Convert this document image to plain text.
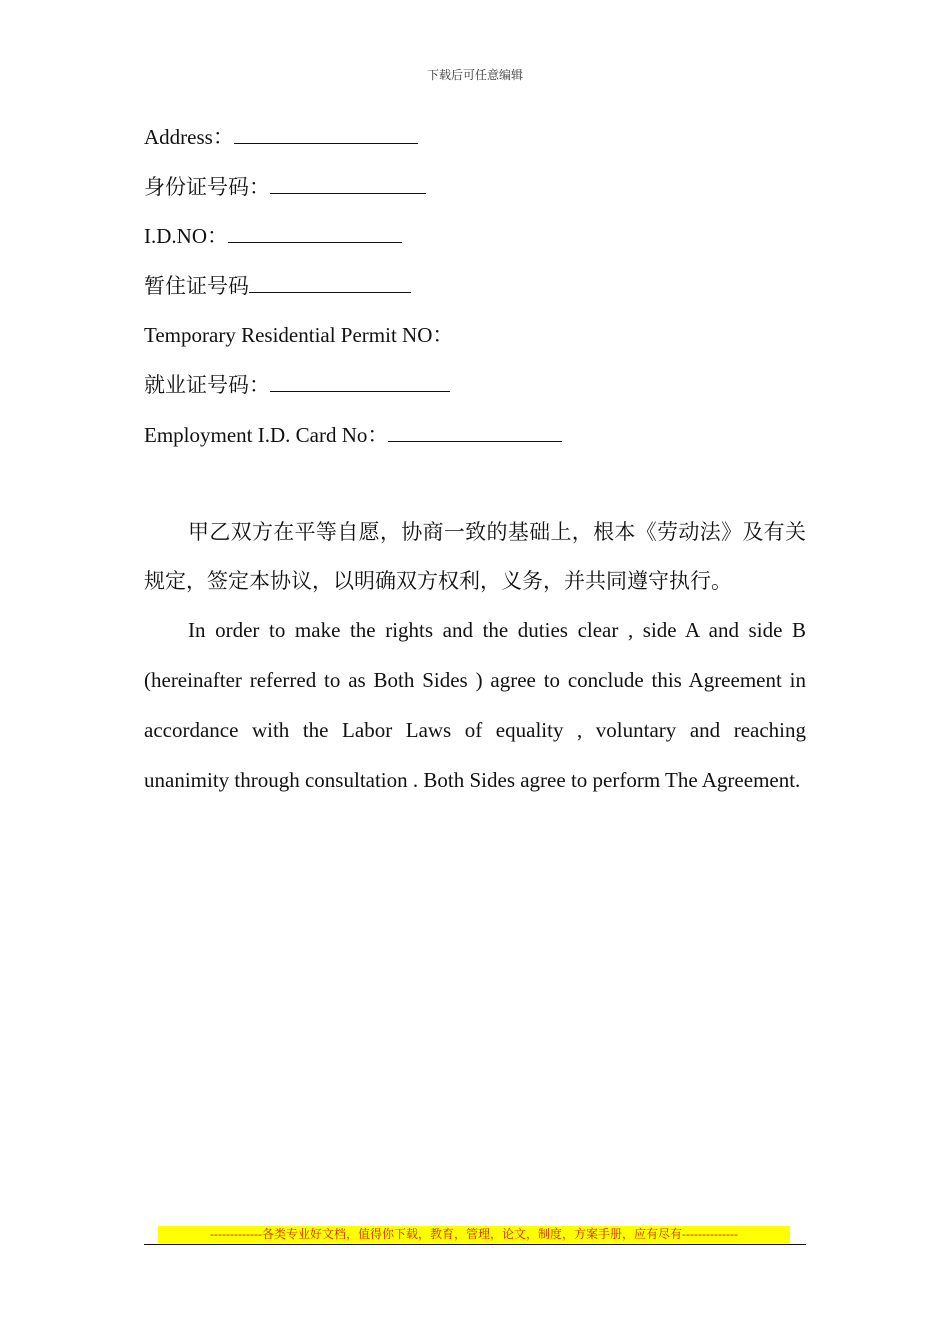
下载后可任意编辑
Address：
身份证号码：
I.D.NO：
暂住证号码
Temporary Residential Permit NO：
就业证号码：
Employment I.D. Card No：
甲乙双方在平等自愿，协商一致的基础上，根本《劳动法》及有关规定，签定本协议，以明确双方权利，义务，并共同遵守执行。
In order to make the rights and the duties clear , side A and side B (hereinafter referred to as Both Sides ) agree to conclude this Agreement in accordance with the Labor Laws of equality , voluntary and reaching unanimity through consultation . Both Sides agree to perform The Agreement.
-------------各类专业好文档，值得你下载，教育，管理，论文，制度，方案手册，应有尽有--------------
